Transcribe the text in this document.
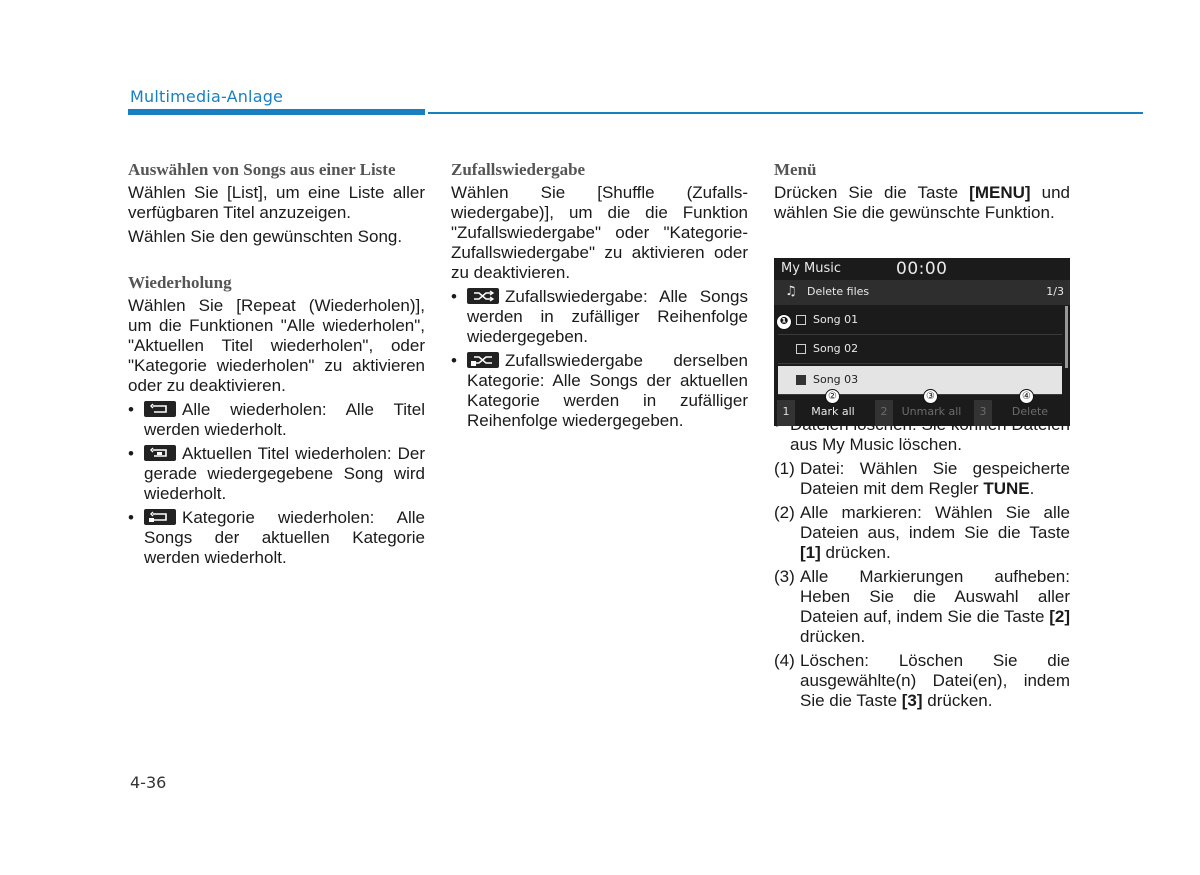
Multimedia-Anlage
Auswählen von Songs aus einer Liste
Wählen Sie [List], um eine Liste aller verfügbaren Titel anzuzeigen.
Wählen Sie den gewünschten Song.
Wiederholung
Wählen Sie [Repeat (Wiederholen)], um die Funktionen "Alle wiederholen", "Aktuellen Titel wiederholen", oder "Kategorie wiederholen" zu aktivieren oder zu deaktivieren.
•	Alle wiederholen: Alle Titel werden wiederholt.
•	Aktuellen Titel wiederholen: Der gerade wiedergegebene Song wird wiederholt.
•	Kategorie wiederholen: Alle Songs der aktuellen Kategorie werden wiederholt.
Zufallswiedergabe
Wählen Sie [Shuffle (Zufalls-wiedergabe)], um die die Funktion "Zufallswiedergabe" oder "Kategorie-Zufallswiedergabe" zu aktivieren oder zu deaktivieren.
•	Zufallswiedergabe: Alle Songs werden in zufälliger Reihenfolge wiedergegeben.
•	Zufallswiedergabe derselben Kategorie: Alle Songs der aktuellen Kategorie werden in zufälliger Reihenfolge wiedergegeben.
Menü
Drücken Sie die Taste [MENU] und wählen Sie die gewünschte Funktion.
aus My Music löschen.
(1) Datei: Wählen Sie gespeicherte Dateien mit dem Regler TUNE.
(2) Alle markieren: Wählen Sie alle Dateien aus, indem Sie die Taste [1] drücken.
(3) Alle Markierungen aufheben: Heben Sie die Auswahl aller Dateien auf, indem Sie die Taste [2] drücken.
(4) Löschen: Löschen Sie die ausgewählte(n) Datei(en), indem Sie die Taste [3] drücken.
My Music	00:00
♫ Delete files	1/3
Song 01
Song 02
Song 03
1	Mark all	2	Unmark all	3	Delete
❶
②	③	④
4-36
